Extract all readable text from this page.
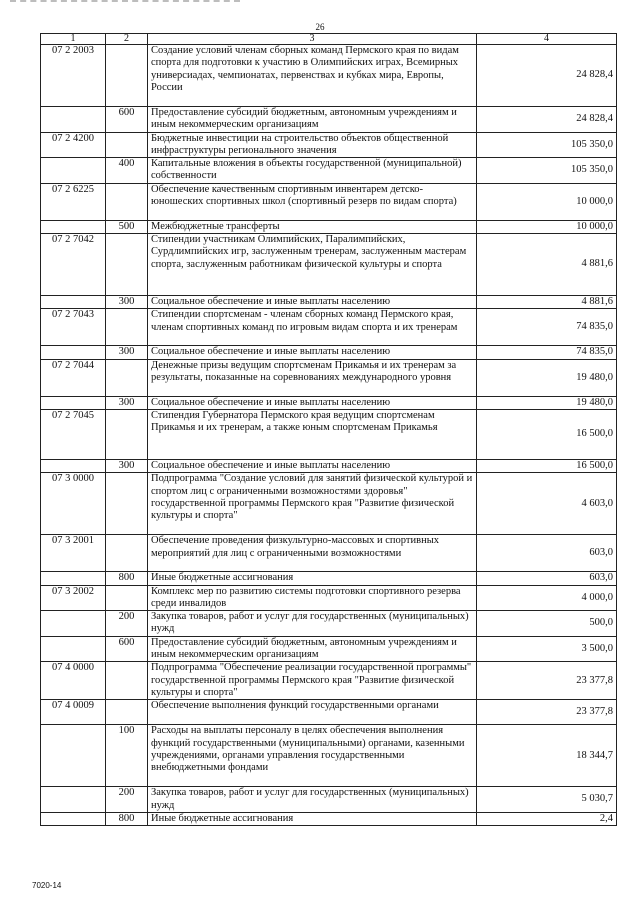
26
1	2	3	4
07 2 2003		Создание условий членам сборных команд Пермского края по видам спорта для подготовки к участию в Олимпийских играх, Всемирных универсиадах, чемпионатах, первенствах и кубках мира, Европы, России	24 828,4
	600	Предоставление субсидий бюджетным, автономным учреждениям и иным некоммерческим организациям	24 828,4
07 2 4200		Бюджетные инвестиции на строительство объектов общественной инфраструктуры регионального значения	105 350,0
	400	Капитальные вложения в объекты государственной (муниципальной) собственности	105 350,0
07 2 6225		Обеспечение качественным спортивным инвентарем детско-юношеских спортивных школ (спортивный резерв по видам спорта)	10 000,0
	500	Межбюджетные трансферты	10 000,0
07 2 7042		Стипендии участникам Олимпийских, Паралимпийских, Сурдлимпийских игр, заслуженным тренерам, заслуженным мастерам спорта, заслуженным работникам физической культуры и спорта	4 881,6
	300	Социальное обеспечение и иные выплаты населению	4 881,6
07 2 7043		Стипендии спортсменам - членам сборных команд Пермского края, членам спортивных команд по игровым видам спорта и их тренерам	74 835,0
	300	Социальное обеспечение и иные выплаты населению	74 835,0
07 2 7044		Денежные призы ведущим спортсменам Прикамья и их тренерам за результаты, показанные на соревнованиях международного уровня	19 480,0
	300	Социальное обеспечение и иные выплаты населению	19 480,0
07 2 7045		Стипендия Губернатора Пермского края ведущим спортсменам Прикамья и их тренерам, а также юным спортсменам Прикамья	16 500,0
	300	Социальное обеспечение и иные выплаты населению	16 500,0
07 3 0000		Подпрограмма "Создание условий для занятий физической культурой и спортом лиц с ограниченными возможностями здоровья" государственной программы Пермского края "Развитие физической культуры и спорта"	4 603,0
07 3 2001		Обеспечение проведения физкультурно-массовых и спортивных мероприятий для лиц с ограниченными возможностями	603,0
	800	Иные бюджетные ассигнования	603,0
07 3 2002		Комплекс мер по развитию системы подготовки спортивного резерва среди инвалидов	4 000,0
	200	Закупка товаров, работ и услуг для государственных (муниципальных) нужд	500,0
	600	Предоставление субсидий бюджетным, автономным учреждениям и иным некоммерческим организациям	3 500,0
07 4 0000		Подпрограмма "Обеспечение реализации государственной программы" государственной программы Пермского края "Развитие физической культуры и спорта"	23 377,8
07 4 0009		Обеспечение выполнения функций государственными органами	23 377,8
	100	Расходы на выплаты персоналу в целях обеспечения выполнения функций государственными (муниципальными) органами, казенными учреждениями, органами управления государственными внебюджетными фондами	18 344,7
	200	Закупка товаров, работ и услуг для государственных (муниципальных) нужд	5 030,7
	800	Иные бюджетные ассигнования	2,4
7020-14
